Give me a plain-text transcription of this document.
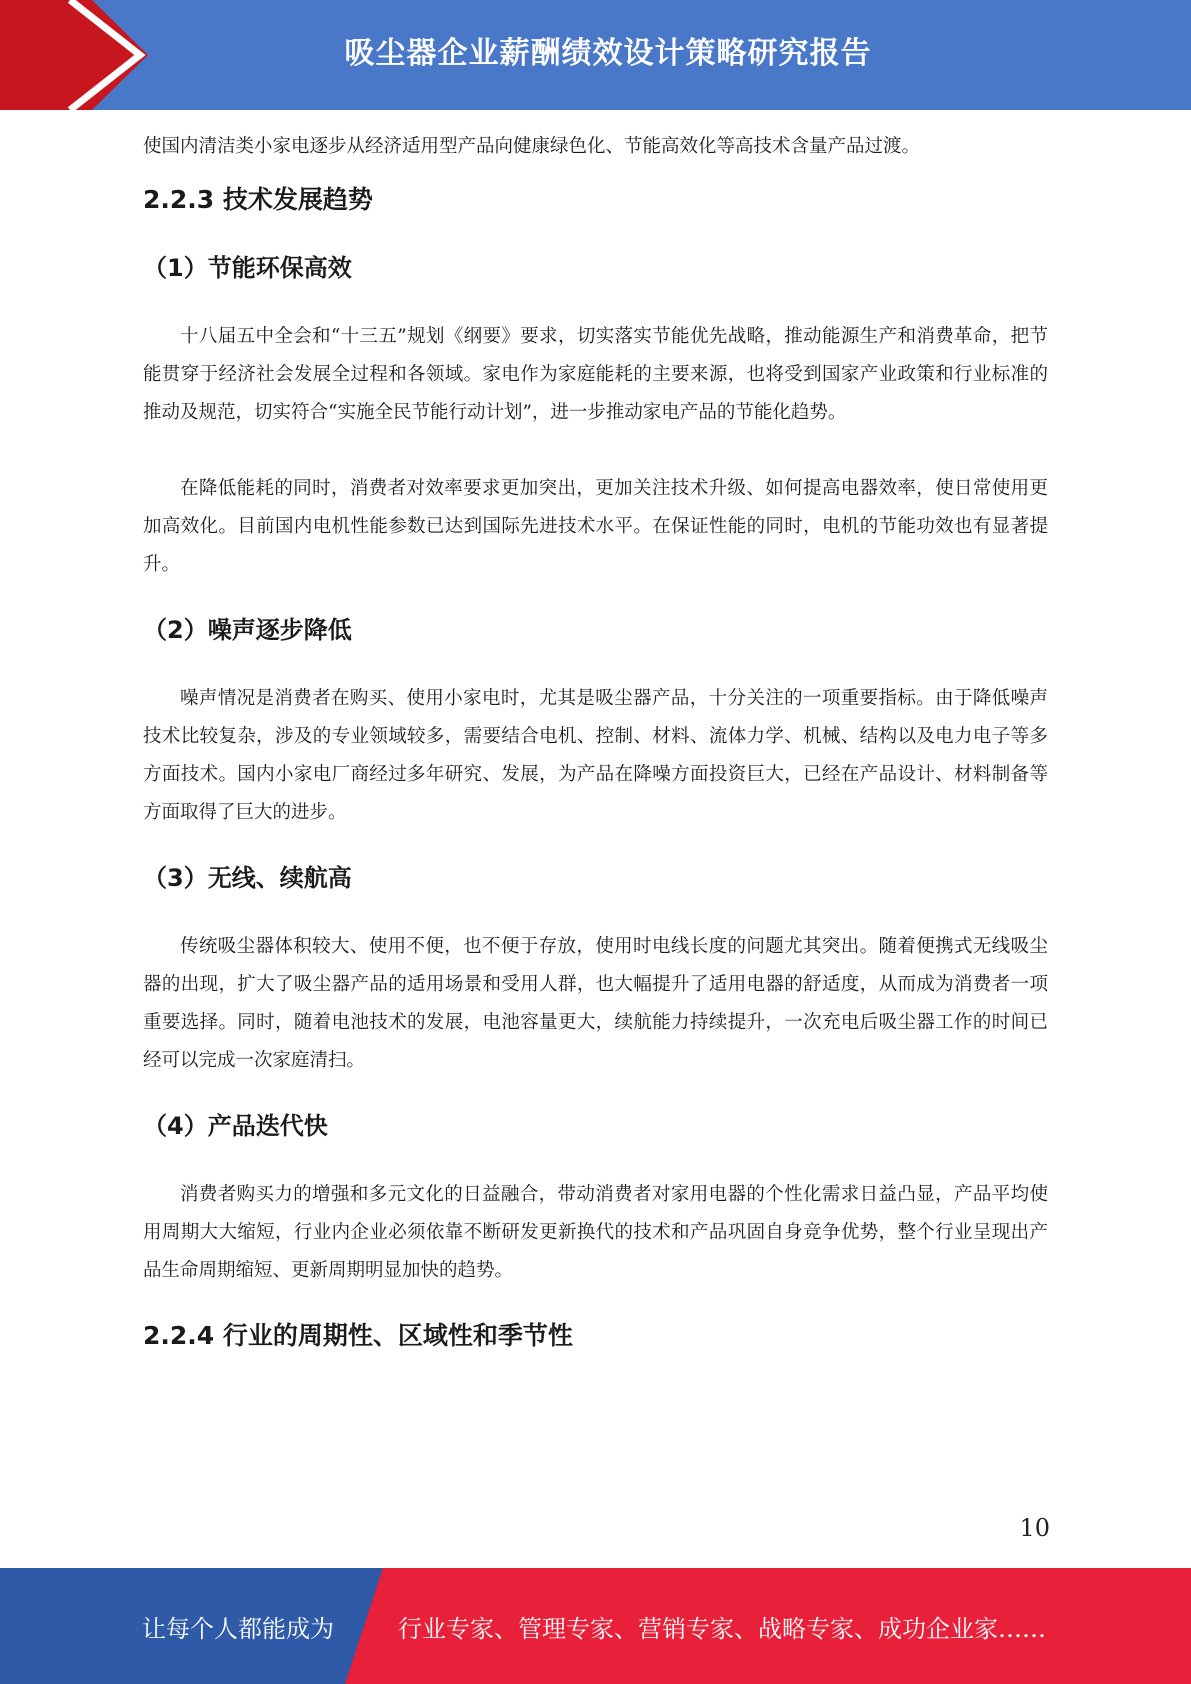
吸尘器企业薪酬绩效设计策略研究报告

使国内清洁类小家电逐步从经济适用型产品向健康绿色化、节能高效化等高技术含量产品过渡。

2.2.3 技术发展趋势
（1）节能环保高效

十八届五中全会和“十三五”规划《纲要》要求，切实落实节能优先战略，推动能源生产和消费革命，把节能贯穿于经济社会发展全过程和各领域。家电作为家庭能耗的主要来源，也将受到国家产业政策和行业标准的推动及规范，切实符合“实施全民节能行动计划”，进一步推动家电产品的节能化趋势。

在降低能耗的同时，消费者对效率要求更加突出，更加关注技术升级、如何提高电器效率，使日常使用更加高效化。目前国内电机性能参数已达到国际先进技术水平。在保证性能的同时，电机的节能功效也有显著提升。

（2）噪声逐步降低

噪声情况是消费者在购买、使用小家电时，尤其是吸尘器产品，十分关注的一项重要指标。由于降低噪声技术比较复杂，涉及的专业领域较多，需要结合电机、控制、材料、流体力学、机械、结构以及电力电子等多方面技术。国内小家电厂商经过多年研究、发展，为产品在降噪方面投资巨大，已经在产品设计、材料制备等方面取得了巨大的进步。

（3）无线、续航高

传统吸尘器体积较大、使用不便，也不便于存放，使用时电线长度的问题尤其突出。随着便携式无线吸尘器的出现，扩大了吸尘器产品的适用场景和受用人群，也大幅提升了适用电器的舒适度，从而成为消费者一项重要选择。同时，随着电池技术的发展，电池容量更大，续航能力持续提升，一次充电后吸尘器工作的时间已经可以完成一次家庭清扫。

（4）产品迭代快

消费者购买力的增强和多元文化的日益融合，带动消费者对家用电器的个性化需求日益凸显，产品平均使用周期大大缩短，行业内企业必须依靠不断研发更新换代的技术和产品巩固自身竞争优势，整个行业呈现出产品生命周期缩短、更新周期明显加快的趋势。

2.2.4 行业的周期性、区域性和季节性
10
让每个人都能成为	行业专家、管理专家、营销专家、战略专家、成功企业家……
